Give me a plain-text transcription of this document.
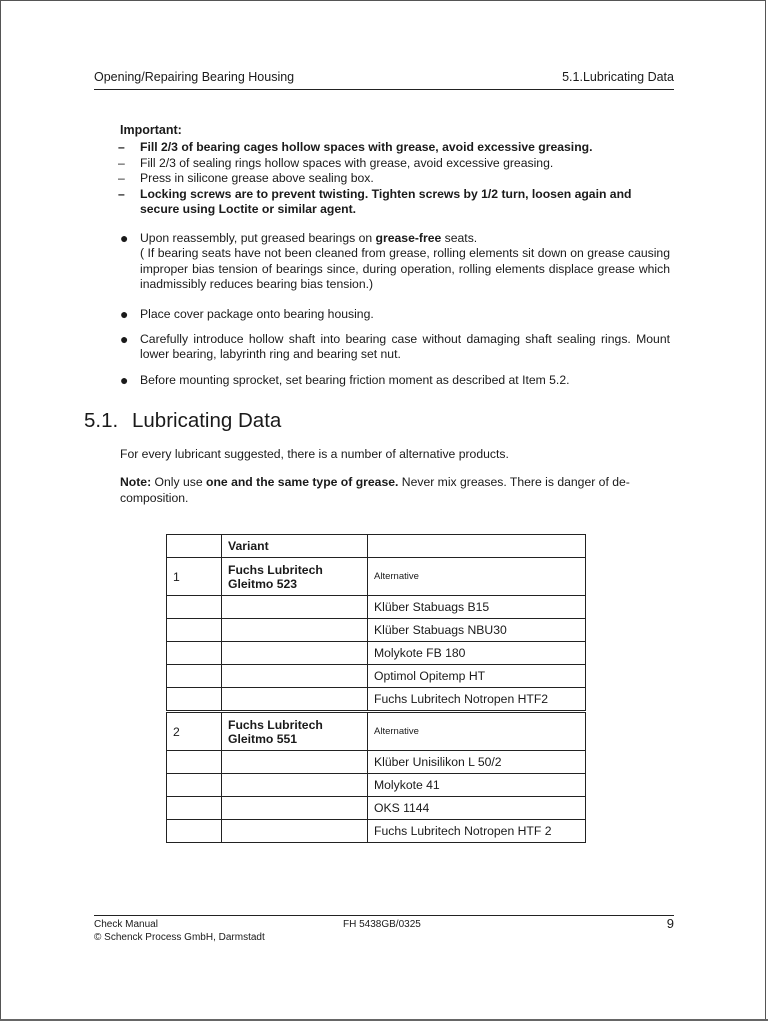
Opening/Repairing Bearing Housing	5.1.Lubricating Data
Important:
– Fill 2/3 of bearing cages hollow spaces with grease, avoid excessive greasing.
– Fill 2/3 of sealing rings hollow spaces with grease, avoid excessive greasing.
– Press in silicone grease above sealing box.
– Locking screws are to prevent twisting. Tighten screws by 1/2 turn, loosen again and secure using Loctite or similar agent.
● Upon reassembly, put greased bearings on grease-free seats.
( If bearing seats have not been cleaned from grease, rolling elements sit down on grease causing improper bias tension of bearings since, during operation, rolling elements displace grease which inadmissibly reduces bearing bias tension.)
● Place cover package onto bearing housing.
● Carefully introduce hollow shaft into bearing case without damaging shaft sealing rings. Mount lower bearing, labyrinth ring and bearing set nut.
● Before mounting sprocket, set bearing friction moment as described at Item 5.2.
5.1. Lubricating Data

For every lubricant suggested, there is a number of alternative products.

Note: Only use one and the same type of grease. Never mix greases. There is danger of de-composition.

	Variant	
1	Fuchs Lubritech
Gleitmo 523	Alternative
		Klüber Stabuags B15
		Klüber Stabuags NBU30
		Molykote FB 180
		Optimol Opitemp HT
		Fuchs Lubritech Notropen HTF2
2	Fuchs Lubritech
Gleitmo 551	Alternative
		Klüber Unisilikon L 50/2
		Molykote 41
		OKS 1144
		Fuchs Lubritech Notropen HTF 2
Check Manual
© Schenck Process GmbH, Darmstadt
FH 5438GB/0325	9
